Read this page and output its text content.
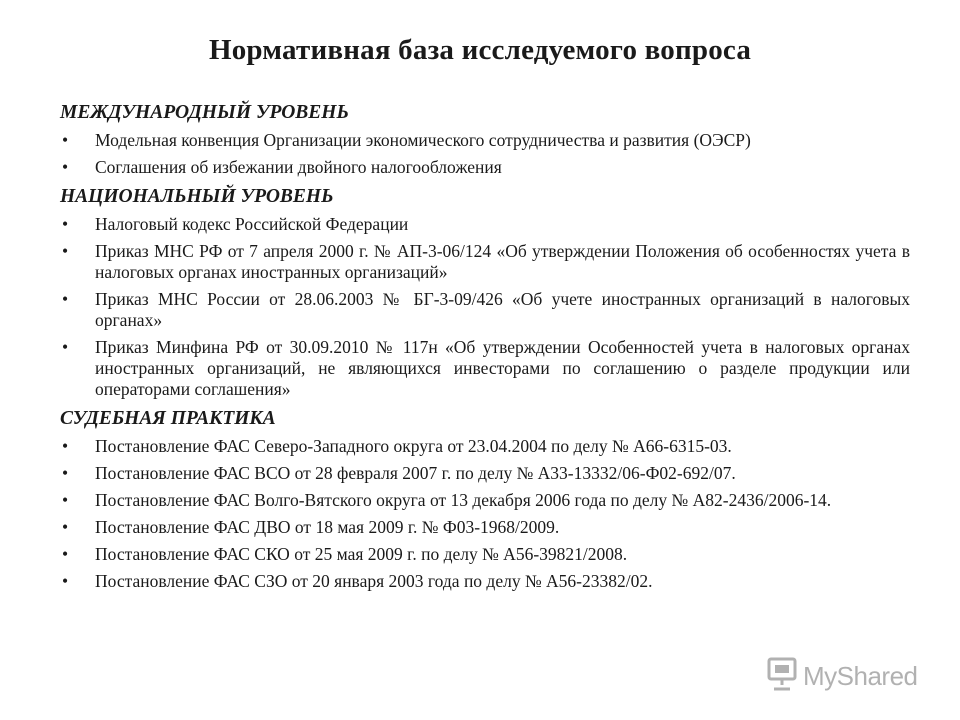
Нормативная база исследуемого вопроса
МЕЖДУНАРОДНЫЙ УРОВЕНЬ
• Модельная конвенция Организации экономического сотрудничества и развития (ОЭСР)
• Соглашения об избежании двойного налогообложения
НАЦИОНАЛЬНЫЙ УРОВЕНЬ
• Налоговый кодекс Российской Федерации
• Приказ МНС РФ от 7 апреля 2000 г. № АП-3-06/124 «Об утверждении Положения об особенностях учета в налоговых органах иностранных организаций»
• Приказ МНС России от 28.06.2003 № БГ-3-09/426 «Об учете иностранных организаций в налоговых органах»
• Приказ Минфина РФ от 30.09.2010 № 117н «Об утверждении Особенностей учета в налоговых органах иностранных организаций, не являющихся инвесторами по соглашению о разделе продукции или операторами соглашения»
СУДЕБНАЯ ПРАКТИКА
• Постановление ФАС Северо-Западного округа от 23.04.2004 по делу № А66-6315-03.
• Постановление ФАС ВСО от 28 февраля 2007 г. по делу № А33-13332/06-Ф02-692/07.
• Постановление ФАС Волго-Вятского округа от 13 декабря 2006 года по делу № А82-2436/2006-14.
• Постановление ФАС ДВО от 18 мая 2009 г. № Ф03-1968/2009.
• Постановление ФАС СКО от 25 мая 2009 г. по делу № А56-39821/2008.
• Постановление ФАС СЗО от 20 января 2003 года по делу № А56-23382/02.
MyShared
